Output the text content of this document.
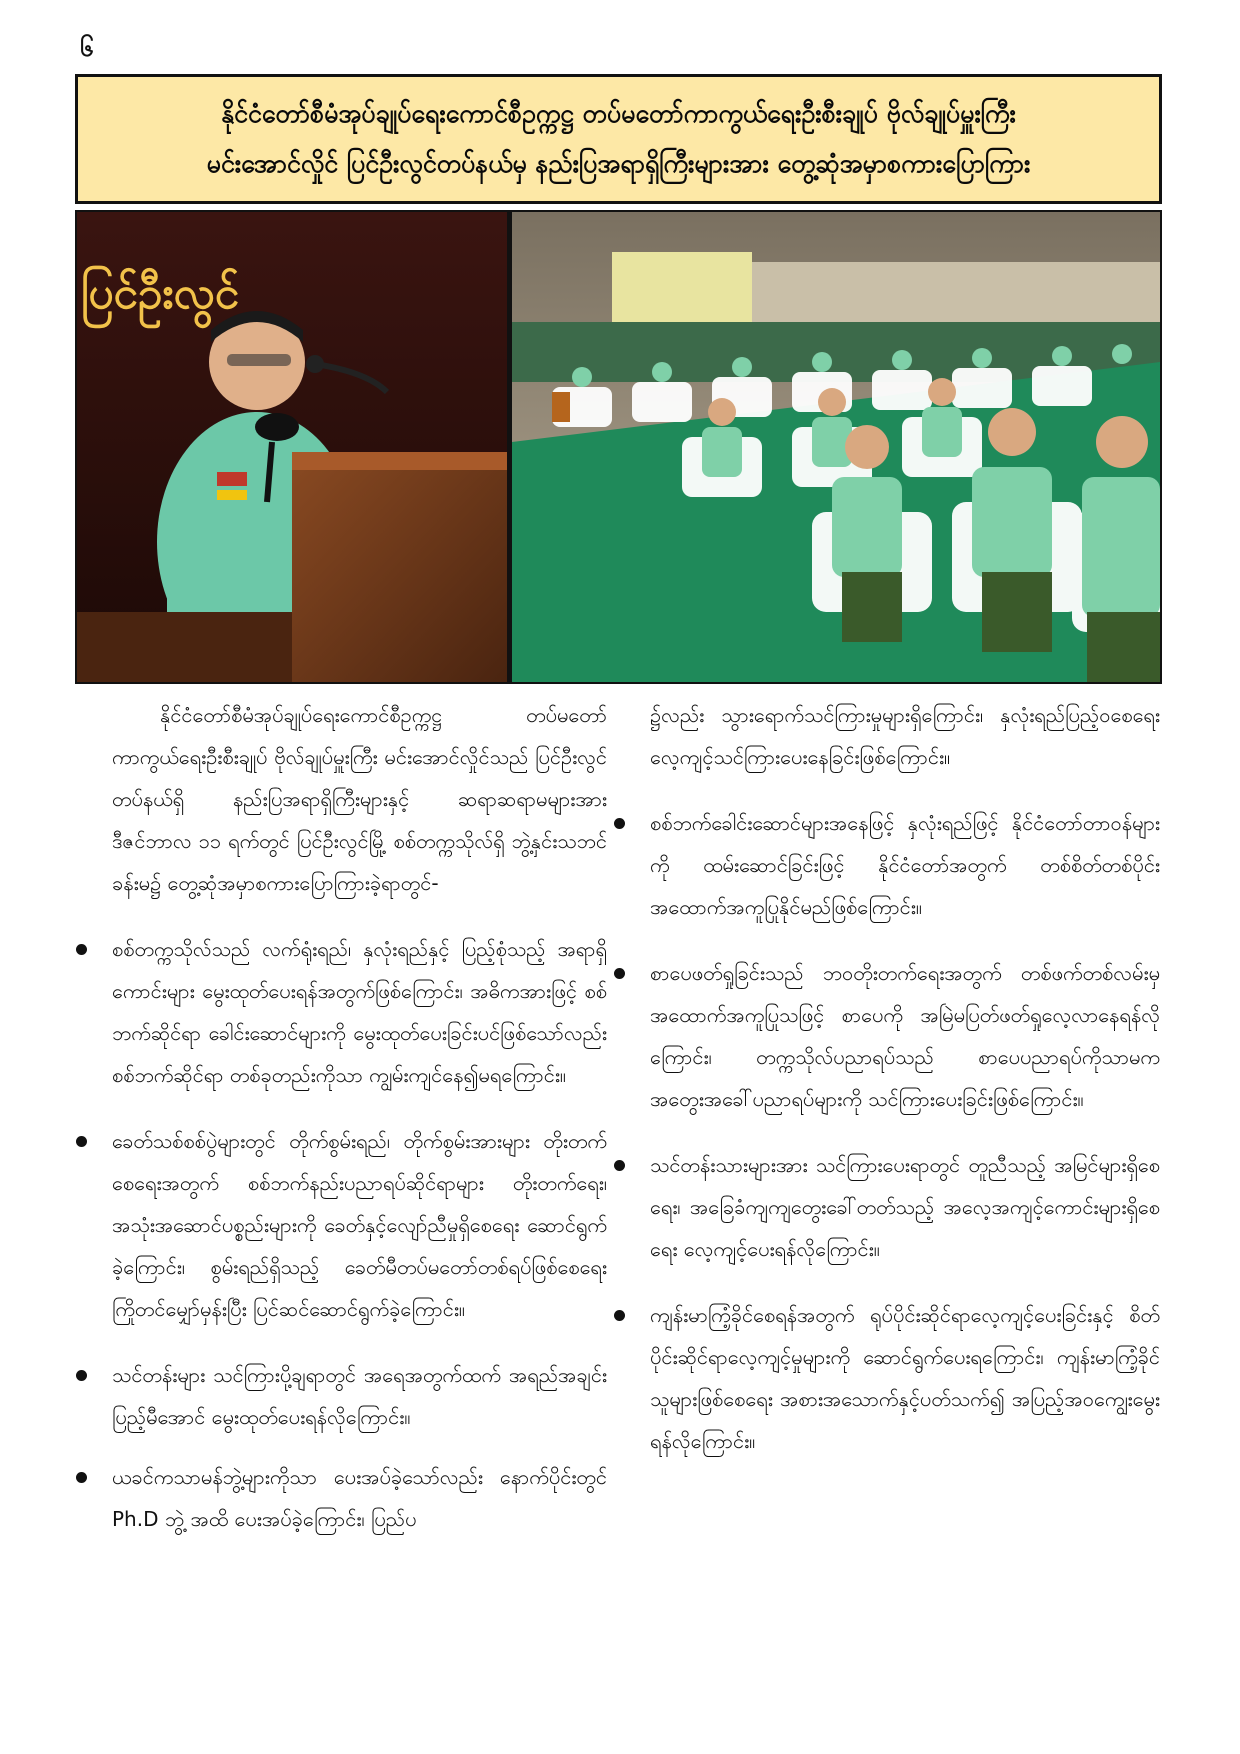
၆
နိုင်ငံတော်စီမံအုပ်ချုပ်ရေးကောင်စီဥက္ကဋ္ဌ တပ်မတော်ကာကွယ်ရေးဦးစီးချုပ် ဗိုလ်ချုပ်မှူးကြီး
မင်းအောင်လှိုင် ပြင်ဦးလွင်တပ်နယ်မှ နည်းပြအရာရှိကြီးများအား တွေ့ဆုံအမှာစကားပြောကြား
ပြင်ဦးလွင်

နိုင်ငံတော်စီမံအုပ်ချုပ်ရေးကောင်စီဥက္ကဋ္ဌ တပ်မတော်ကာကွယ်ရေးဦးစီးချုပ် ဗိုလ်ချုပ်မှူးကြီး မင်းအောင်လှိုင်သည် ပြင်ဦးလွင်တပ်နယ်ရှိ နည်းပြအရာရှိကြီးများနှင့် ဆရာဆရာမများအား ဒီဇင်ဘာလ ၁၁ ရက်တွင် ပြင်ဦးလွင်မြို့ စစ်တက္ကသိုလ်ရှိ ဘွဲ့နှင်းသဘင်ခန်းမ၌ တွေ့ဆုံအမှာစကားပြောကြားခဲ့ရာတွင်-

စစ်တက္ကသိုလ်သည် လက်ရုံးရည်၊ နှလုံးရည်နှင့် ပြည့်စုံသည့် အရာရှိကောင်းများ မွေးထုတ်ပေးရန်အတွက်ဖြစ်ကြောင်း၊ အဓိကအားဖြင့် စစ်ဘက်ဆိုင်ရာ ခေါင်းဆောင်များကို မွေးထုတ်ပေးခြင်းပင်ဖြစ်သော်လည်း စစ်ဘက်ဆိုင်ရာ တစ်ခုတည်းကိုသာ ကျွမ်းကျင်နေ၍မရကြောင်း။
ခေတ်သစ်စစ်ပွဲများတွင် တိုက်စွမ်းရည်၊ တိုက်စွမ်းအားများ တိုးတက်စေရေးအတွက် စစ်ဘက်နည်းပညာရပ်ဆိုင်ရာများ တိုးတက်ရေး၊ အသုံးအဆောင်ပစ္စည်းများကို ခေတ်နှင့်လျော်ညီမှုရှိစေရေး ဆောင်ရွက်ခဲ့ကြောင်း၊ စွမ်းရည်ရှိသည့် ခေတ်မီတပ်မတော်တစ်ရပ်ဖြစ်စေရေး ကြိုတင်မျှော်မှန်းပြီး ပြင်ဆင်ဆောင်ရွက်ခဲ့ကြောင်း။
သင်တန်းများ သင်ကြားပို့ချရာတွင် အရေအတွက်ထက် အရည်အချင်း ပြည့်မီအောင် မွေးထုတ်ပေးရန်လိုကြောင်း။
ယခင်ကသာမန်ဘွဲ့များကိုသာ ပေးအပ်ခဲ့သော်လည်း နောက်ပိုင်းတွင် Ph.D ဘွဲ့ အထိ ပေးအပ်ခဲ့ကြောင်း၊ ပြည်ပ

၌လည်း သွားရောက်သင်ကြားမှုများရှိကြောင်း၊ နှလုံးရည်ပြည့်ဝစေရေး လေ့ကျင့်သင်ကြားပေးနေခြင်းဖြစ်ကြောင်း။

စစ်ဘက်ခေါင်းဆောင်များအနေဖြင့် နှလုံးရည်ဖြင့် နိုင်ငံတော်တာဝန်များကို ထမ်းဆောင်ခြင်းဖြင့် နိုင်ငံတော်အတွက် တစ်စိတ်တစ်ပိုင်း အထောက်အကူပြုနိုင်မည်ဖြစ်ကြောင်း။
စာပေဖတ်ရှုခြင်းသည် ဘဝတိုးတက်ရေးအတွက် တစ်ဖက်တစ်လမ်းမှ အထောက်အကူပြုသဖြင့် စာပေကို အမြဲမပြတ်ဖတ်ရှုလေ့လာနေရန်လိုကြောင်း၊ တက္ကသိုလ်ပညာရပ်သည် စာပေပညာရပ်ကိုသာမက အတွေးအခေါ်ပညာရပ်များကို သင်ကြားပေးခြင်းဖြစ်ကြောင်း။
သင်တန်းသားများအား သင်ကြားပေးရာတွင် တူညီသည့် အမြင်များရှိစေရေး၊ အခြေခံကျကျတွေးခေါ်တတ်သည့် အလေ့အကျင့်ကောင်းများရှိစေရေး လေ့ကျင့်ပေးရန်လိုကြောင်း။
ကျန်းမာကြံ့ခိုင်စေရန်အတွက် ရုပ်ပိုင်းဆိုင်ရာလေ့ကျင့်ပေးခြင်းနှင့် စိတ်ပိုင်းဆိုင်ရာလေ့ကျင့်မှုများကို ဆောင်ရွက်ပေးရကြောင်း၊ ကျန်းမာကြံ့ခိုင်သူများဖြစ်စေရေး အစားအသောက်နှင့်ပတ်သက်၍ အပြည့်အဝကျွေးမွေးရန်လိုကြောင်း။
